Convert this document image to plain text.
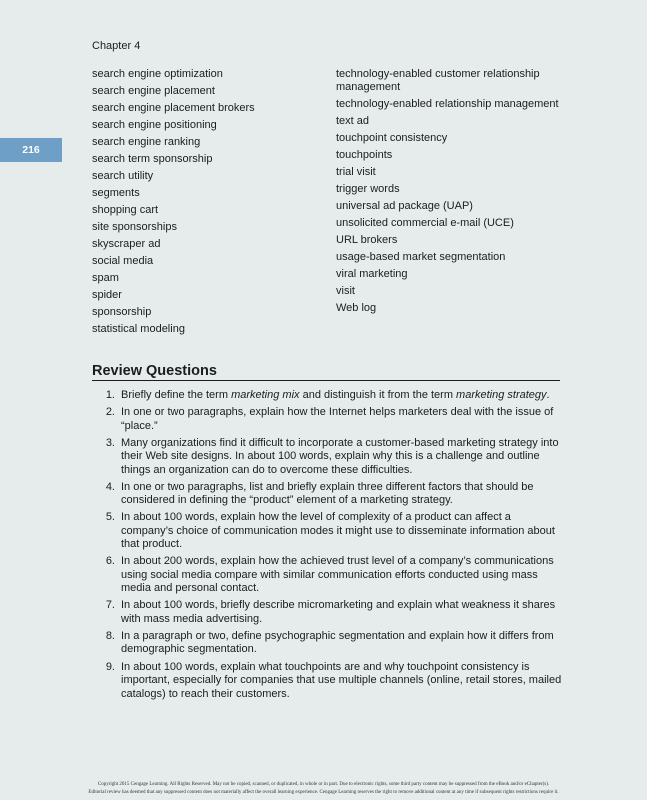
Chapter 4
216
search engine optimization
search engine placement
search engine placement brokers
search engine positioning
search engine ranking
search term sponsorship
search utility
segments
shopping cart
site sponsorships
skyscraper ad
social media
spam
spider
sponsorship
statistical modeling
technology-enabled customer relationship management
technology-enabled relationship management
text ad
touchpoint consistency
touchpoints
trial visit
trigger words
universal ad package (UAP)
unsolicited commercial e-mail (UCE)
URL brokers
usage-based market segmentation
viral marketing
visit
Web log
Review Questions
1. Briefly define the term marketing mix and distinguish it from the term marketing strategy.
2. In one or two paragraphs, explain how the Internet helps marketers deal with the issue of “place.”
3. Many organizations find it difficult to incorporate a customer-based marketing strategy into their Web site designs. In about 100 words, explain why this is a challenge and outline things an organization can do to overcome these difficulties.
4. In one or two paragraphs, list and briefly explain three different factors that should be considered in defining the “product” element of a marketing strategy.
5. In about 100 words, explain how the level of complexity of a product can affect a company’s choice of communication modes it might use to disseminate information about that product.
6. In about 200 words, explain how the achieved trust level of a company’s communications using social media compare with similar communication efforts conducted using mass media and personal contact.
7. In about 100 words, briefly describe micromarketing and explain what weakness it shares with mass media advertising.
8. In a paragraph or two, define psychographic segmentation and explain how it differs from demographic segmentation.
9. In about 100 words, explain what touchpoints are and why touchpoint consistency is important, especially for companies that use multiple channels (online, retail stores, mailed catalogs) to reach their customers.
Copyright 2015 Cengage Learning. All Rights Reserved. May not be copied, scanned, or duplicated, in whole or in part. Due to electronic rights, some third party content may be suppressed from the eBook and/or eChapter(s).
Editorial review has deemed that any suppressed content does not materially affect the overall learning experience. Cengage Learning reserves the right to remove additional content at any time if subsequent rights restrictions require it.
